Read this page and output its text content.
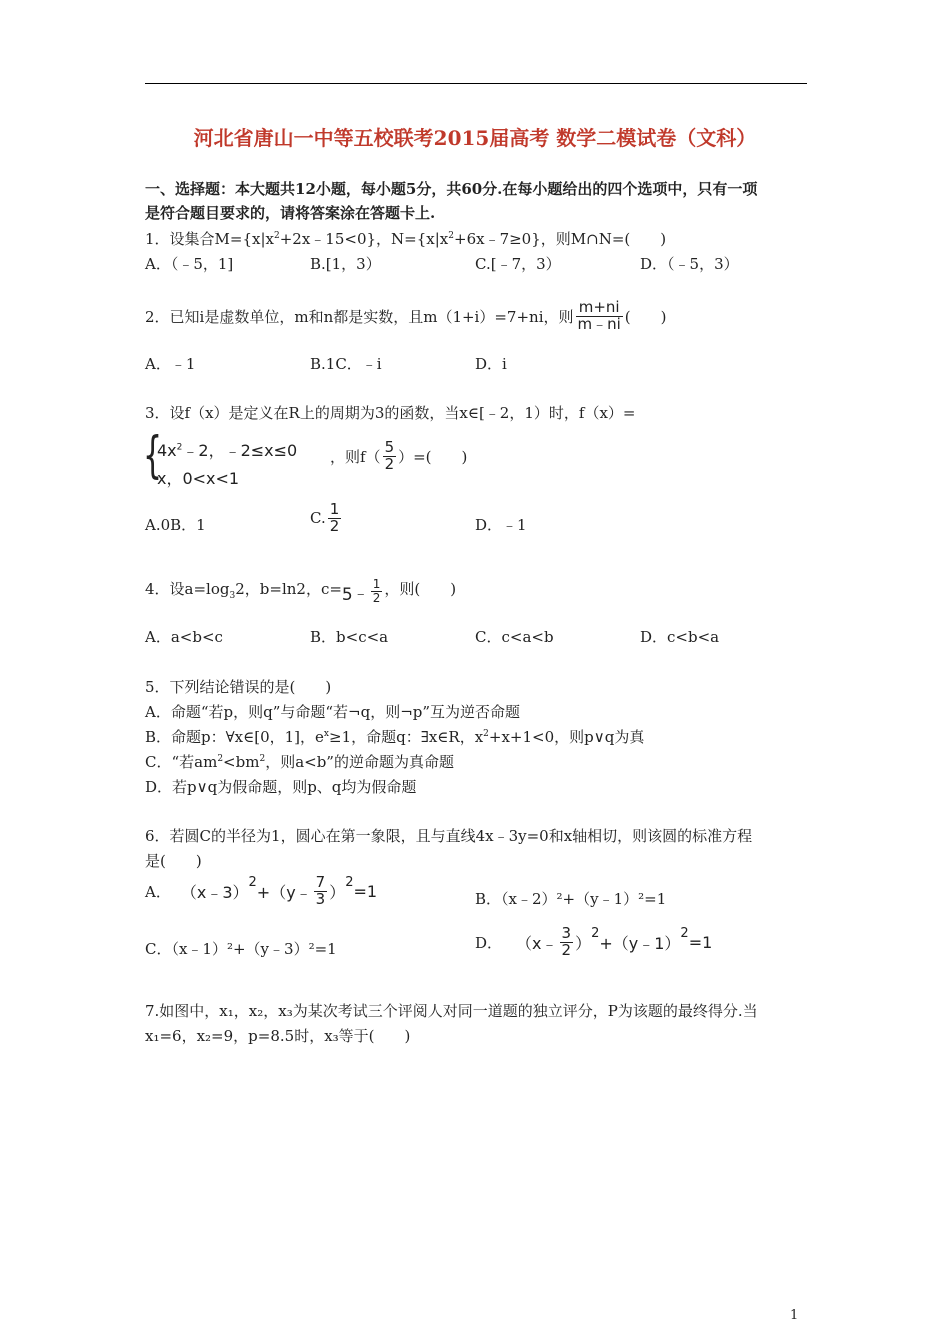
河北省唐山一中等五校联考2015届高考 数学二模试卷（文科）
一、选择题：本大题共12小题，每小题5分，共60分.在每小题给出的四个选项中，只有一项
是符合题目要求的，请将答案涂在答题卡上.
1．设集合$M=\{x|x^2+2x﹣15<0\}$，$N=\{x|x^2+6x﹣7\ge 0\}$，则M∩N=(　　)
A．（﹣5，1]	B.[1，3）	C.[﹣7，3）	D．（﹣5，3）
2．已知i是虚数单位，m和n都是实数，且m（1+i）=7+ni，则 $\frac{m+ni}{m﹣ni}$ (　　)
A．﹣1	B.1C．﹣i	D．i
3．设f（x）是定义在R上的周期为3的函数，当x∈[﹣2，1）时，f（x）=
{
$4x^2﹣2$，﹣2≤x≤0
x，0<x<1
，则$f( \frac{5}{2}$ ）=(　　)
A.0B．1	C. $\frac{1}{2}$	D．﹣1
4．设$a=\log_3$ 2，b=ln2，c= 5 ﹣ $\frac{1}{2}$ ，则(　　)
A．a<b<c	B．b<c<a	C．c<a<b	D．c<b<a
5．下列结论错误的是(　　)
A．命题“若p，则q”与命题“若¬q，则¬p”互为逆否命题
B．命题p：∀x∈[0，1]，$e^x\ge 1$，命题q：∃x∈R，$x^2+x+1<0$，则p∨q为真
C．“若$am^2<bm^2$，则a<b”的逆命题为真命题
D．若p∨q为假命题，则p、q均为假命题
6．若圆C的半径为1，圆心在第一象限，且与直线4x﹣3y=0和x轴相切，则该圆的标准方程
是(　　)
A． （x﹣3）
2
+（y﹣ $\frac{7}{3}$ ）
2 =1	B．（x﹣2）²+（y﹣1）²=1
C．（x﹣1）²+（y﹣3）²=1	D． （x﹣ $\frac{3}{2}$ ）
2
+（y﹣1）
2 =1
7.如图中，x₁，x₂，x₃为某次考试三个评阅人对同一道题的独立评分，P为该题的最终得分.当
x₁=6，x₂=9，p=8.5时，x₃等于(　　)
1
